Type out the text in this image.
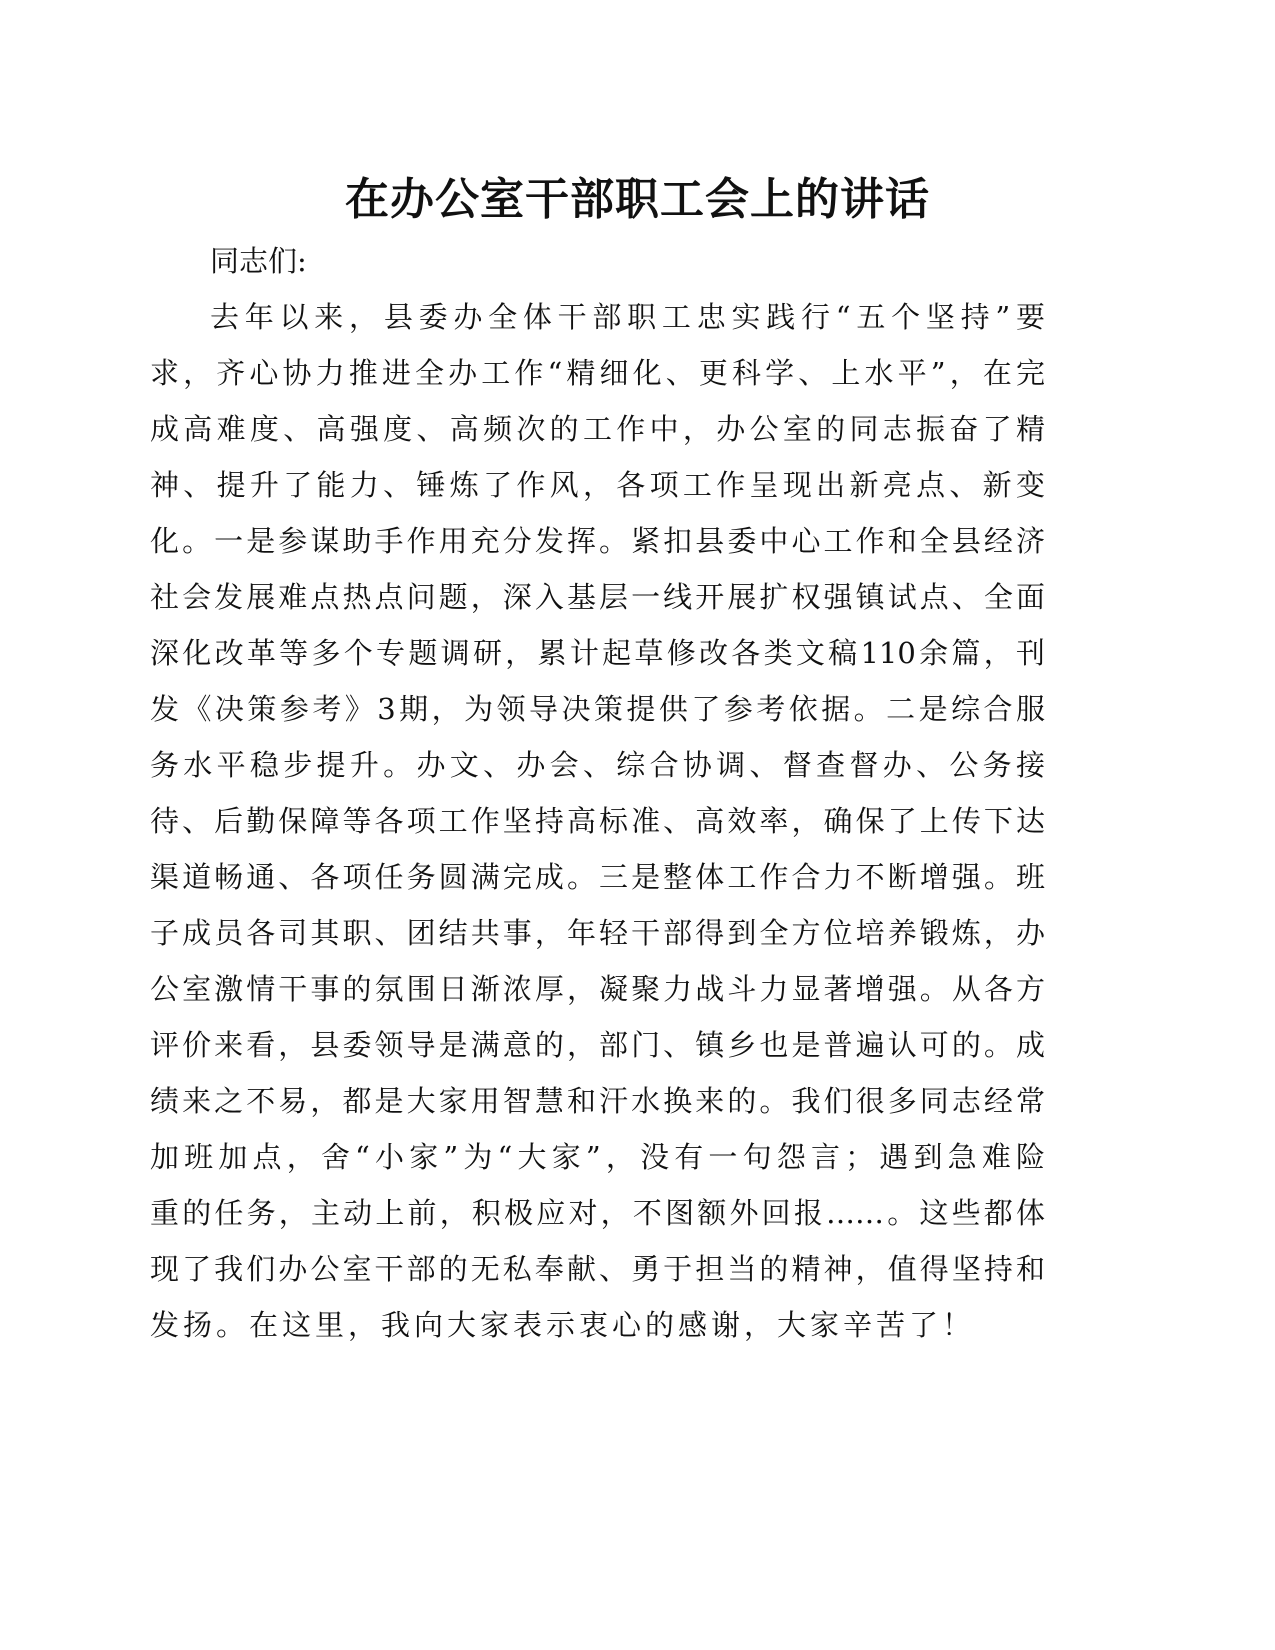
在办公室干部职工会上的讲话
同志们:
去年以来，县委办全体干部职工忠实践行“五个坚持”要
求，齐心协力推进全办工作“精细化、更科学、上水平”，在完
成高难度、高强度、高频次的工作中，办公室的同志振奋了精
神、提升了能力、锤炼了作风，各项工作呈现出新亮点、新变
化。一是参谋助手作用充分发挥。紧扣县委中心工作和全县经济
社会发展难点热点问题，深入基层一线开展扩权强镇试点、全面
深化改革等多个专题调研，累计起草修改各类文稿110余篇，刊
发《决策参考》3期，为领导决策提供了参考依据。二是综合服
务水平稳步提升。办文、办会、综合协调、督查督办、公务接
待、后勤保障等各项工作坚持高标准、高效率，确保了上传下达
渠道畅通、各项任务圆满完成。三是整体工作合力不断增强。班
子成员各司其职、团结共事，年轻干部得到全方位培养锻炼，办
公室激情干事的氛围日渐浓厚，凝聚力战斗力显著增强。从各方
评价来看，县委领导是满意的，部门、镇乡也是普遍认可的。成
绩来之不易，都是大家用智慧和汗水换来的。我们很多同志经常
加班加点，舍“小家”为“大家”，没有一句怨言；遇到急难险
重的任务，主动上前，积极应对，不图额外回报……。这些都体
现了我们办公室干部的无私奉献、勇于担当的精神，值得坚持和
发扬。在这里，我向大家表示衷心的感谢，大家辛苦了！
